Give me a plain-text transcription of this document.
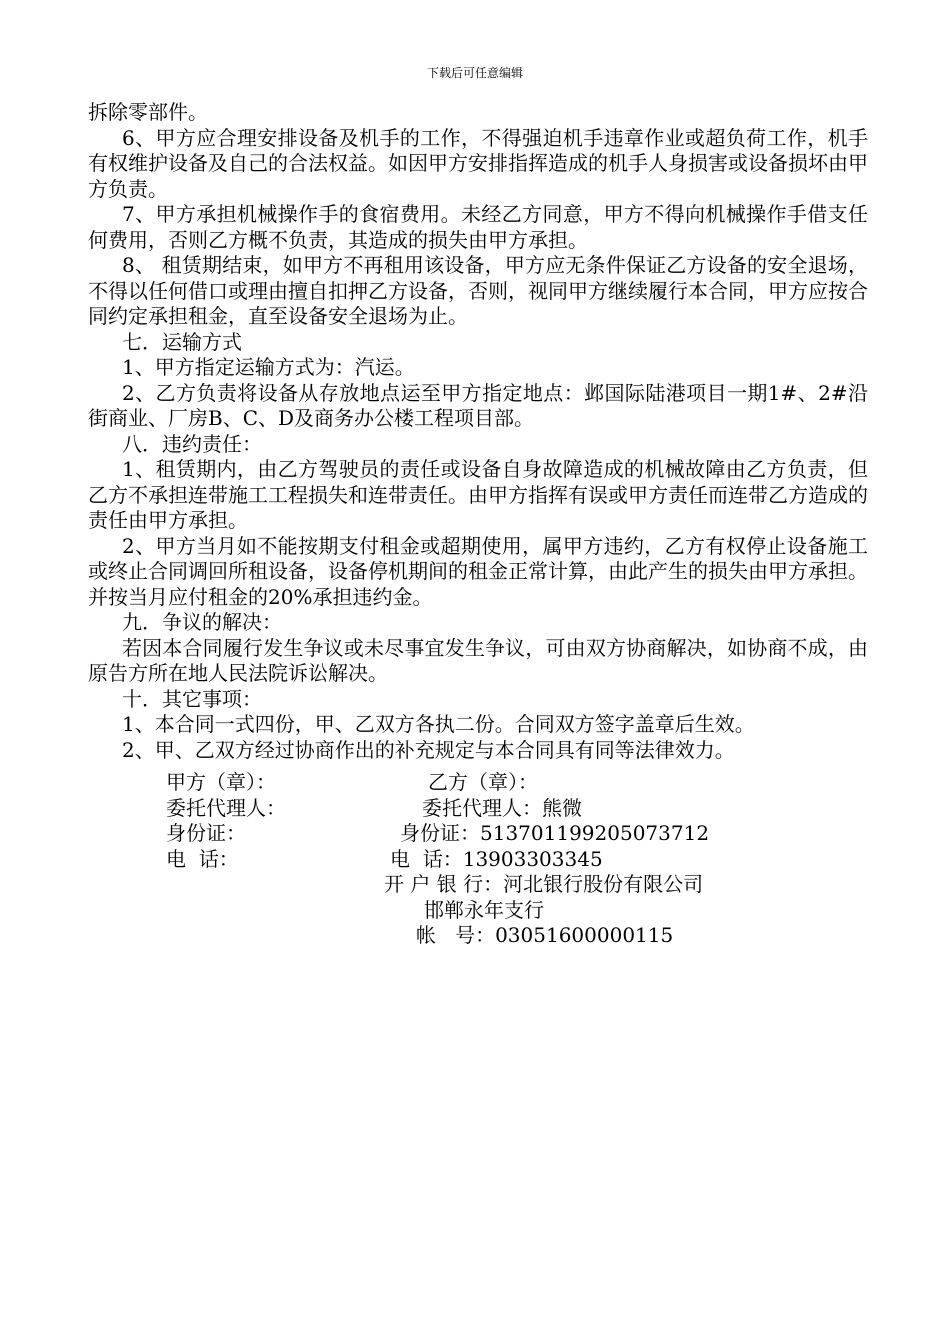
下载后可任意编辑

拆除零部件。

6、甲方应合理安排设备及机手的工作，不得强迫机手违章作业或超负荷工作，机手有权维护设备及自己的合法权益。如因甲方安排指挥造成的机手人身损害或设备损坏由甲方负责。

7、甲方承担机械操作手的食宿费用。未经乙方同意，甲方不得向机械操作手借支任何费用，否则乙方概不负责，其造成的损失由甲方承担。

8、 租赁期结束，如甲方不再租用该设备，甲方应无条件保证乙方设备的安全退场，不得以任何借口或理由擅自扣押乙方设备，否则，视同甲方继续履行本合同，甲方应按合同约定承担租金，直至设备安全退场为止。

七．运输方式

1、甲方指定运输方式为：汽运。

2、乙方负责将设备从存放地点运至甲方指定地点：邺国际陆港项目一期1#、2#沿街商业、厂房B、C、D及商务办公楼工程项目部。

八．违约责任：

1、租赁期内，由乙方驾驶员的责任或设备自身故障造成的机械故障由乙方负责，但乙方不承担连带施工工程损失和连带责任。由甲方指挥有误或甲方责任而连带乙方造成的责任由甲方承担。

2、甲方当月如不能按期支付租金或超期使用，属甲方违约，乙方有权停止设备施工或终止合同调回所租设备，设备停机期间的租金正常计算，由此产生的损失由甲方承担。并按当月应付租金的20%承担违约金。

九．争议的解决：

若因本合同履行发生争议或未尽事宜发生争议，可由双方协商解决，如协商不成，由原告方所在地人民法院诉讼解决。

十．其它事项：

1、本合同一式四份，甲、乙双方各执二份。合同双方签字盖章后生效。

2、甲、乙双方经过协商作出的补充规定与本合同具有同等法律效力。

甲方（章）：	乙方（章）：
委托代理人：	委托代理人：熊微
身份证：	身份证：513701199205073712
电  话：	电  话：13903303345
开 户 银 行：河北银行股份有限公司
邯郸永年支行
帐   号：03051600000115
